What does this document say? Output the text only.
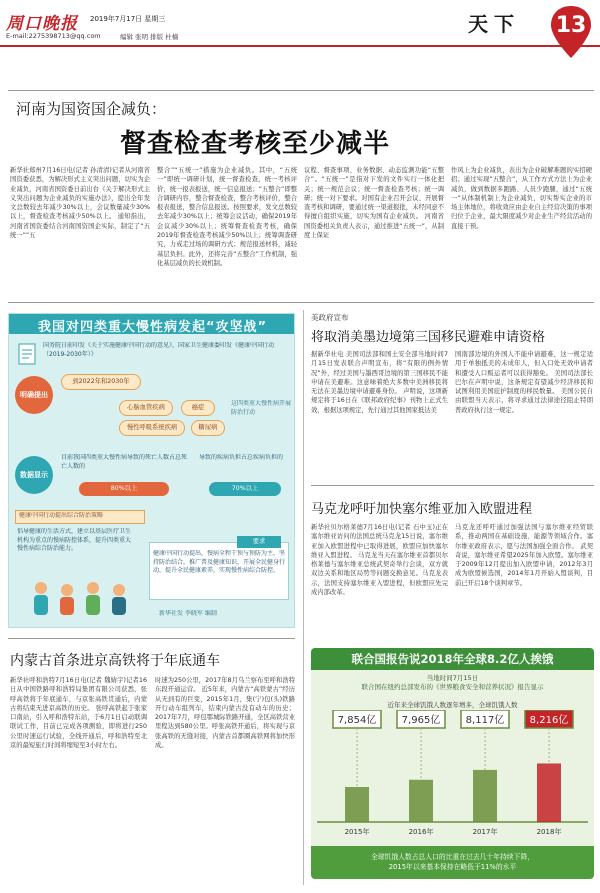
周口晚报 2019年7月17日 星期三
E-mail:2275398713@qq.com	编辑 张明 排版 杜楠
天下	13
河南为国资国企减负：
督查检查考核至少减半
新华社郑州7月16日电(记者 孙清清)记者从河南省国资委获悉，为解决形式主义突出问题，切实为企业减负，河南省国资委日前出台《关于解决形式主义突出问题为企业减负的实施办法》，提出全年发文总数较去年减少30%以上，会议数量减少30%以上，督查检查考核减少50%以上。 通知指出，河南省国资委结合河南国资国企实际，制定了“五统一”“五
整合”“五统一”措施为企业减负。其中，“五统一”即统一调研计划，统一督查检查，统一考核评价，统一报表报送，统一信息报送；“五整合”即整合调研内容，整合督查检查，整合考核评价，整合报表报送，整合信息报送。按照要求，发文总数较去年减少30%以上；统筹会议活动，确保2019年会议减少30%以上；统筹督查检查考核，确保2019年督查检查考核减少50%以上；统筹调查研究，力戒走过场的调研方式；规范报送材料，减轻基层负担。此外，还将完善“五整合”工作机制，强化基层减负的长效机制。
议程、督查事项、业务数据、动态监测功能“五整合”。“五统一”是指对下发的文件实行一体化把关；统一规范会议；统一督查检查考核；统一调研；统一对下要求。对国有企业召开会议、开展督查考核和调研，要通过统一渠道报批，未经同意不得擅自组织实施，切实为国有企业减负。 河南省国资委相关负责人表示，通过推进“五统一”，从制度上保证
作风上为企业减负，表出为企业破解难题的实招硬招；通过实现“五整合”，从工作方式方法上为企业减负，做到数据多跑路、人员少跑腿，通过“五统一”从体制机制上为企业减负，切实帮实企业的市场主体地位，将收效应由企业自主经营决策的事项归位于企业，最大限度减少对企业生产经营活动的直接干预。
我国对四类重大慢性病发起“攻坚战”
国务院日前印发《关于实施健康中国行动的意见》，国家卫生健康委印发《健康中国行动（2019-2030年）》
明确提出
到2022年和2030年
心脑血管疾病	癌症
慢性呼吸系统疾病	糖尿病
这四类重大慢性病开展防治行动
数据显示
目前我国四类重大慢性病导致的死亡人数占总死亡人数的
80%以上
导致的疾病负担占总疾病负担的
70%以上
健康中国行动提出综合防治策略
倡导健康的生活方式，建立以基层医疗卫生机构为重点的慢病防控体系，提升四类重大慢性病综合防治能力。
要求
健康中国行动提出，慢病全程干预与预防为主，坚持防治结合，推广普及健康知识，开展全民健身行动，提升全民健康素养，实现慢性病综合防控。
新华社发 李晓军 编制
美政府宣布
将取消美墨边境第三国移民避难申请资格
据新华社电 美国司法部和国土安全部当地时间7月15日发表联合声明宣布，将“有限的例外情况”外，经过美国与墨西哥边境的第三国移民不能申请在美避难。这意味着绝大多数中美洲移民将无法在美墨边境申请避难身份。 声明说，这项新规定将于16日在《联邦政府纪事》刊物上正式生效，根据这项规定，先行通过其他国家抵达美
国南部边境的外国人不能申请避难，这一规定适用于单独抵美的未成年人，但入口处无效申请者和遭受人口贩运者可以获得豁免。 美国司法部长巴尔在声明中说，这条规定有望减少经济移民和试图利用美国庇护制度的移民数量。 美国公民自由联盟当天表示，将寻求通过法律途径阻止特朗普政府执行这一规定。
马克龙呼吁加快塞尔维亚加入欧盟进程
新华社贝尔格莱德7月16日电(记者 石中玉)正在塞尔维亚访问的法国总统马克龙15日说，塞尔维亚加入欧盟进程中已取得进展，欧盟应加快塞尔维亚入盟进程。 马克龙当天在塞尔维亚首都贝尔格莱德与塞尔维亚总统武契奇举行会谈，双方就双边关系和地区局势等问题交换意见。马克龙表示，法国支持塞尔维亚入盟进程，但欧盟应先完成内部改革。
马克龙还呼吁通过加强法国与塞尔维亚经贸联系，推动两国在基础设施、能源等领域合作。塞尔维亚政府表示，愿与法国加强全面合作。 武契奇说，塞尔维亚希望2025年加入欧盟。塞尔维亚于2009年12月提出加入欧盟申请，2012年3月成为欧盟候选国，2014年1月开始入盟谈判，目前已开启18个谈判章节。
内蒙古首条进京高铁将于年底通车
新华社呼和浩特7月16日电(记者 魏婧宇)记者16日从中国铁路呼和浩特局集团有限公司获悉，张呼高铁将于年底通车，与京张高铁贯通后，内蒙古将结束无进京高铁的历史。 张呼高铁起于张家口南站，引入呼和浩特东站，于6月1日启动联调联试工作，目前已完成各项测验，即将进行250公里时速运行试验，全线开通后，呼和浩特至北京的最短旅行时间将缩短至3小时左右。
时速为250公里，2017年8月乌兰察布至呼和浩特东段开通运营。 近5年来，内蒙古“高铁蒙古”经历从无到有的巨变，2015年1月，集(宁)包(头)铁路开行动车组列车，结束内蒙古没有动车的历史；2017年7月，呼包鄂城际铁路开通，全区高铁营业里程达到580公里。呼张高铁开通后，将实现与京张高铁的无缝对接，内蒙古首都圈高铁网将加快形成。
联合国报告说2018年全球8.2亿人挨饿
当地时间7月15日
联合国在纽约总部发布的《世界粮食安全和营养状况》报告显示
近年来全球饥饿人数逐年增多，全球饥饿人数
7,854亿
2015年
7,965亿
2016年
8,117亿
2017年
8,216亿
2018年
全球饥饿人数占总人口的比重在过去几十年持续下降，
2015年以来基本保持在略低于11%的水平
